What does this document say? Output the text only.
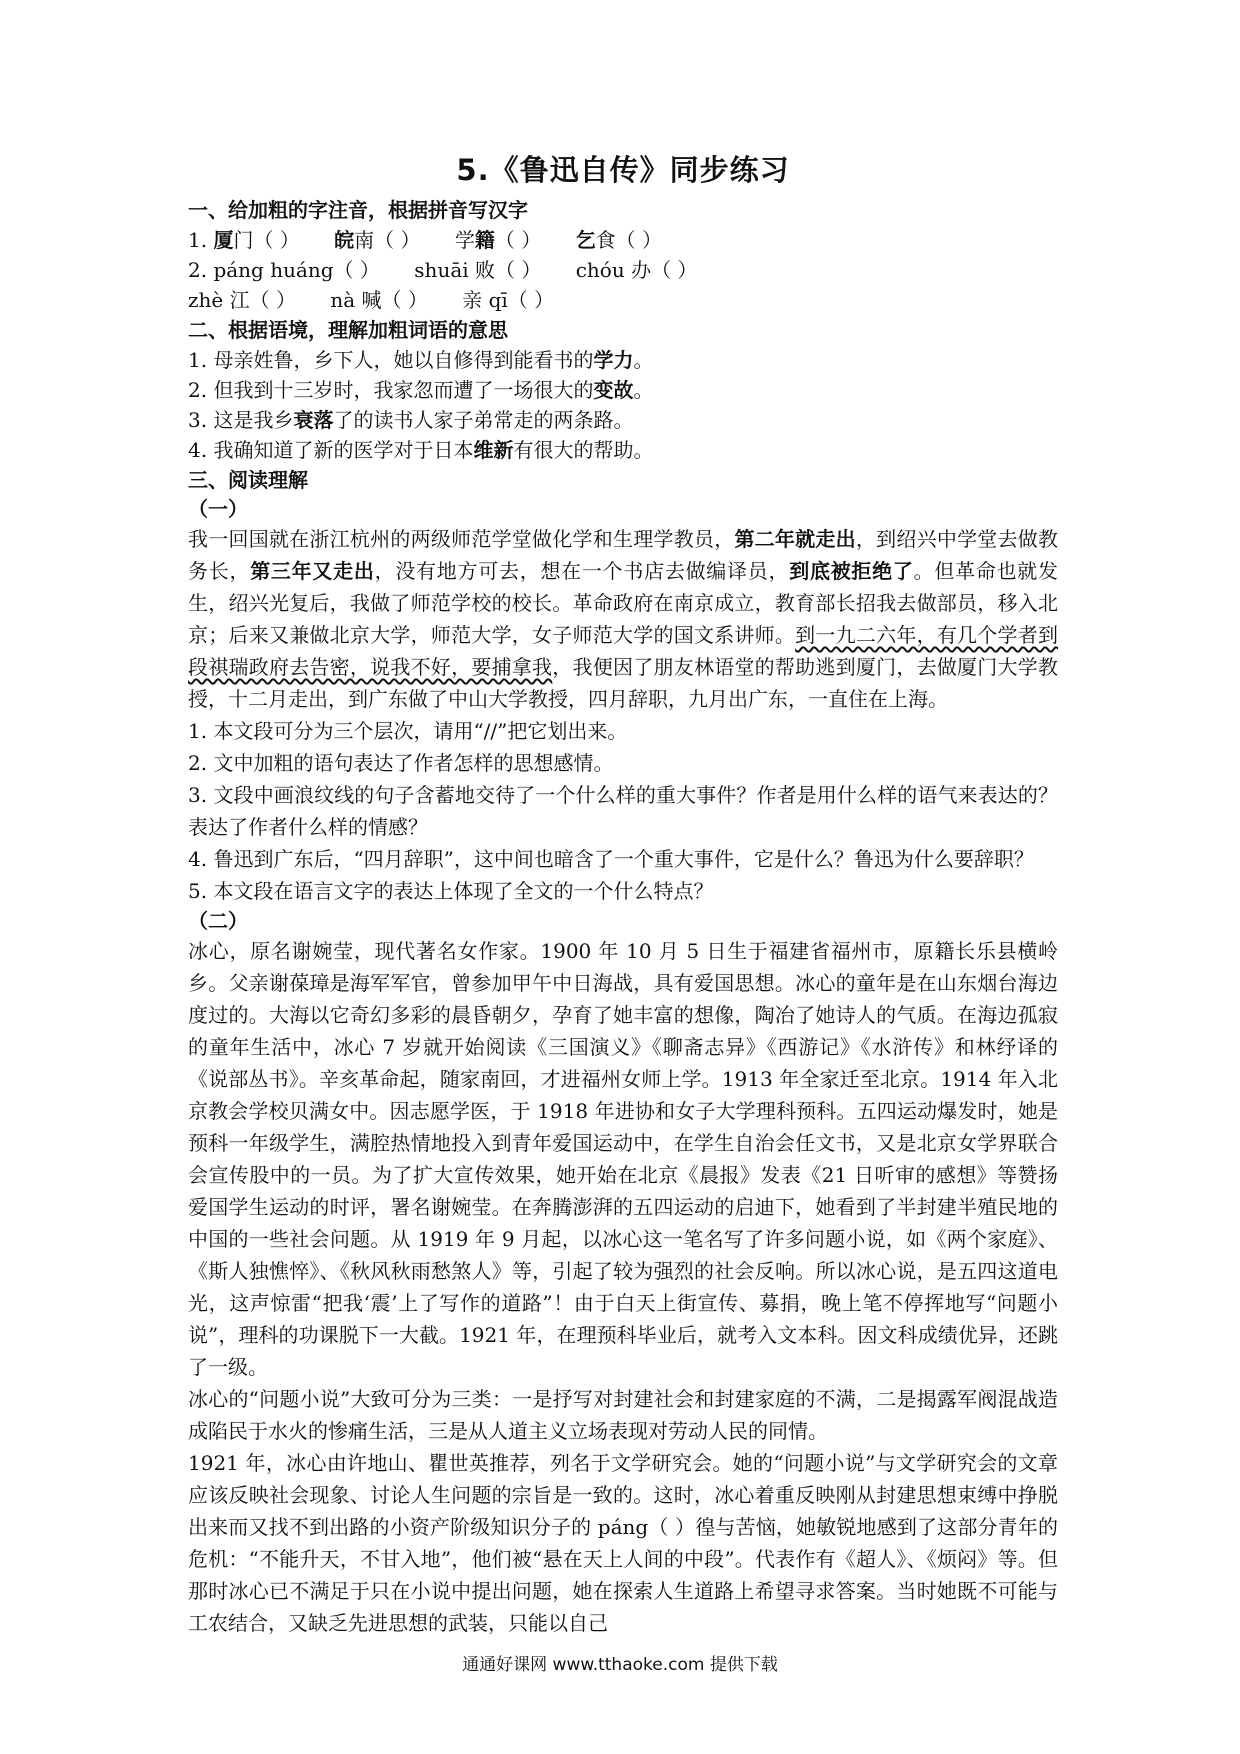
5.《鲁迅自传》同步练习
一、给加粗的字注音，根据拼音写汉字
1. 厦门（ ） 皖南（ ） 学籍（ ） 乞食（ ）
2. páng huáng（ ） shuāi 败（ ） chóu 办（ ）
zhè 江（ ） nà 喊（ ） 亲 qī（ ）
二、根据语境，理解加粗词语的意思
1. 母亲姓鲁，乡下人，她以自修得到能看书的学力。
2. 但我到十三岁时，我家忽而遭了一场很大的变故。
3. 这是我乡衰落了的读书人家子弟常走的两条路。
4. 我确知道了新的医学对于日本维新有很大的帮助。
三、阅读理解
（一）

我一回国就在浙江杭州的两级师范学堂做化学和生理学教员，第二年就走出，到绍兴中学堂去做教务长，第三年又走出，没有地方可去，想在一个书店去做编译员，到底被拒绝了。但革命也就发生，绍兴光复后，我做了师范学校的校长。革命政府在南京成立，教育部长招我去做部员，移入北京；后来又兼做北京大学，师范大学，女子师范大学的国文系讲师。到一九二六年，有几个学者到段祺瑞政府去告密，说我不好，要捕拿我，我便因了朋友林语堂的帮助逃到厦门，去做厦门大学教授，十二月走出，到广东做了中山大学教授，四月辞职，九月出广东，一直住在上海。

1. 本文段可分为三个层次，请用“//”把它划出来。

2. 文中加粗的语句表达了作者怎样的思想感情。

3. 文段中画浪纹线的句子含蓄地交待了一个什么样的重大事件？作者是用什么样的语气来表达的？表达了作者什么样的情感？

4. 鲁迅到广东后，“四月辞职”，这中间也暗含了一个重大事件，它是什么？鲁迅为什么要辞职？

5. 本文段在语言文字的表达上体现了全文的一个什么特点？

（二）

冰心，原名谢婉莹，现代著名女作家。1900 年 10 月 5 日生于福建省福州市，原籍长乐县横岭乡。父亲谢葆璋是海军军官，曾参加甲午中日海战，具有爱国思想。冰心的童年是在山东烟台海边度过的。大海以它奇幻多彩的晨昏朝夕，孕育了她丰富的想像，陶冶了她诗人的气质。在海边孤寂的童年生活中，冰心 7 岁就开始阅读《三国演义》《聊斋志异》《西游记》《水浒传》和林纾译的《说部丛书》。辛亥革命起，随家南回，才进福州女师上学。1913 年全家迁至北京。1914 年入北京教会学校贝满女中。因志愿学医，于 1918 年进协和女子大学理科预科。五四运动爆发时，她是预科一年级学生，满腔热情地投入到青年爱国运动中，在学生自治会任文书，又是北京女学界联合会宣传股中的一员。为了扩大宣传效果，她开始在北京《晨报》发表《21 日听审的感想》等赞扬爱国学生运动的时评，署名谢婉莹。在奔腾澎湃的五四运动的启迪下，她看到了半封建半殖民地的中国的一些社会问题。从 1919 年 9 月起，以冰心这一笔名写了许多问题小说，如《两个家庭》、《斯人独憔悴》、《秋风秋雨愁煞人》等，引起了较为强烈的社会反响。所以冰心说，是五四这道电光，这声惊雷“把我‘震’上了写作的道路”！由于白天上街宣传、募捐，晚上笔不停挥地写“问题小说”，理科的功课脱下一大截。1921 年，在理预科毕业后，就考入文本科。因文科成绩优异，还跳了一级。

冰心的“问题小说”大致可分为三类：一是抒写对封建社会和封建家庭的不满，二是揭露军阀混战造成陷民于水火的惨痛生活，三是从人道主义立场表现对劳动人民的同情。

1921 年，冰心由许地山、瞿世英推荐，列名于文学研究会。她的“问题小说”与文学研究会的文章应该反映社会现象、讨论人生问题的宗旨是一致的。这时，冰心着重反映刚从封建思想束缚中挣脱出来而又找不到出路的小资产阶级知识分子的 páng（ ）徨与苦恼，她敏锐地感到了这部分青年的危机：“不能升天，不甘入地”，他们被“悬在天上人间的中段”。代表作有《超人》、《烦闷》等。但那时冰心已不满足于只在小说中提出问题，她在探索人生道路上希望寻求答案。当时她既不可能与工农结合，又缺乏先进思想的武装，只能以自己

通通好课网 www.tthaoke.com 提供下载
